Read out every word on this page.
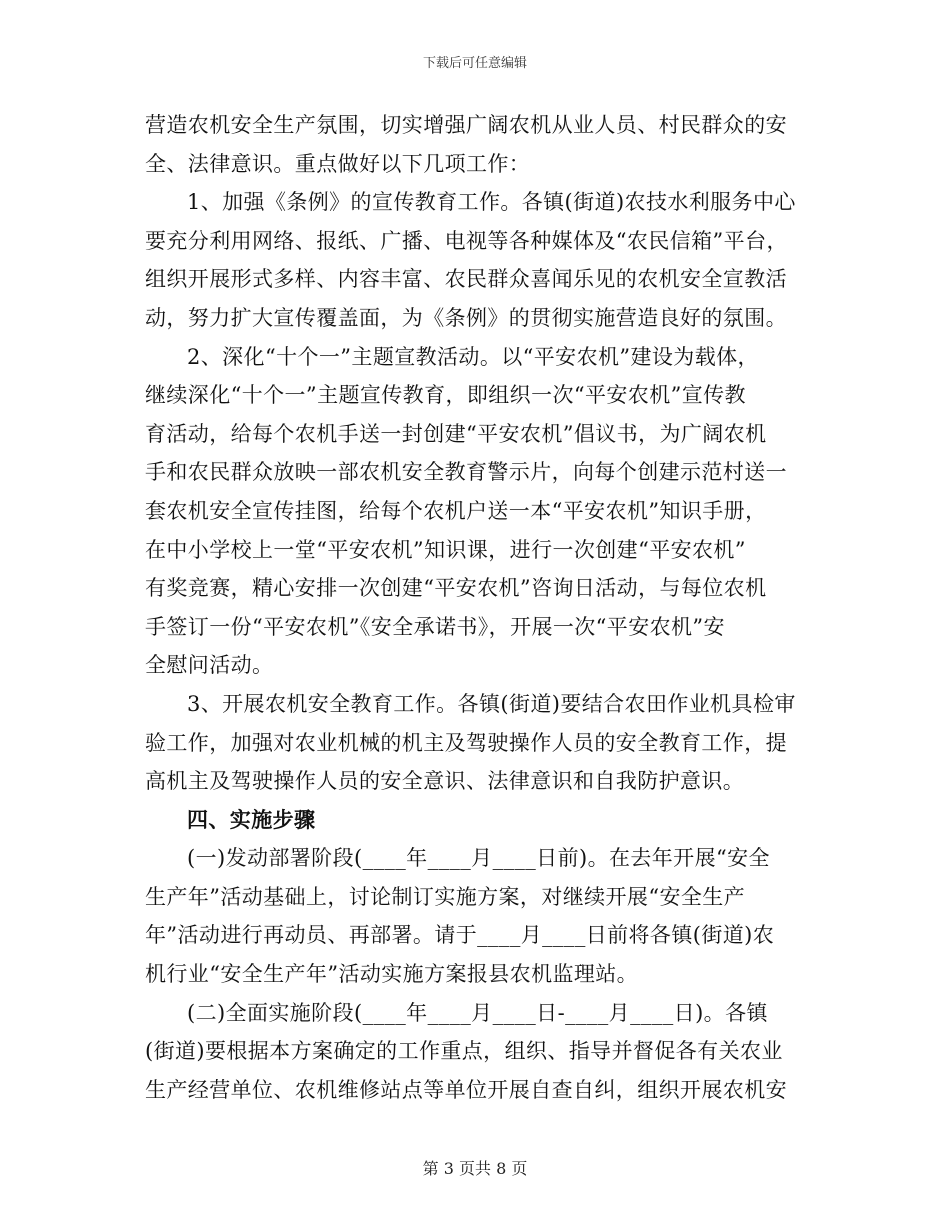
下载后可任意编辑
营造农机安全生产氛围，切实增强广阔农机从业人员、村民群众的安
全、法律意识。重点做好以下几项工作：
1、加强《条例》的宣传教育工作。各镇(街道)农技水利服务中心
要充分利用网络、报纸、广播、电视等各种媒体及“农民信箱”平台，
组织开展形式多样、内容丰富、农民群众喜闻乐见的农机安全宣教活
动，努力扩大宣传覆盖面，为《条例》的贯彻实施营造良好的氛围。
2、深化“十个一”主题宣教活动。以“平安农机”建设为载体，
继续深化“十个一”主题宣传教育，即组织一次“平安农机”宣传教
育活动，给每个农机手送一封创建“平安农机”倡议书，为广阔农机
手和农民群众放映一部农机安全教育警示片，向每个创建示范村送一
套农机安全宣传挂图，给每个农机户送一本“平安农机”知识手册，
在中小学校上一堂“平安农机”知识课，进行一次创建“平安农机”
有奖竞赛，精心安排一次创建“平安农机”咨询日活动，与每位农机
手签订一份“平安农机”《安全承诺书》，开展一次“平安农机”安
全慰问活动。
3、开展农机安全教育工作。各镇(街道)要结合农田作业机具检审
验工作，加强对农业机械的机主及驾驶操作人员的安全教育工作，提
高机主及驾驶操作人员的安全意识、法律意识和自我防护意识。
四、实施步骤
(一)发动部署阶段(____年____月____日前)。在去年开展“安全
生产年”活动基础上，讨论制订实施方案，对继续开展“安全生产
年”活动进行再动员、再部署。请于____月____日前将各镇(街道)农
机行业“安全生产年”活动实施方案报县农机监理站。
(二)全面实施阶段(____年____月____日-____月____日)。各镇
(街道)要根据本方案确定的工作重点，组织、指导并督促各有关农业
生产经营单位、农机维修站点等单位开展自查自纠，组织开展农机安
第 3 页共 8 页
